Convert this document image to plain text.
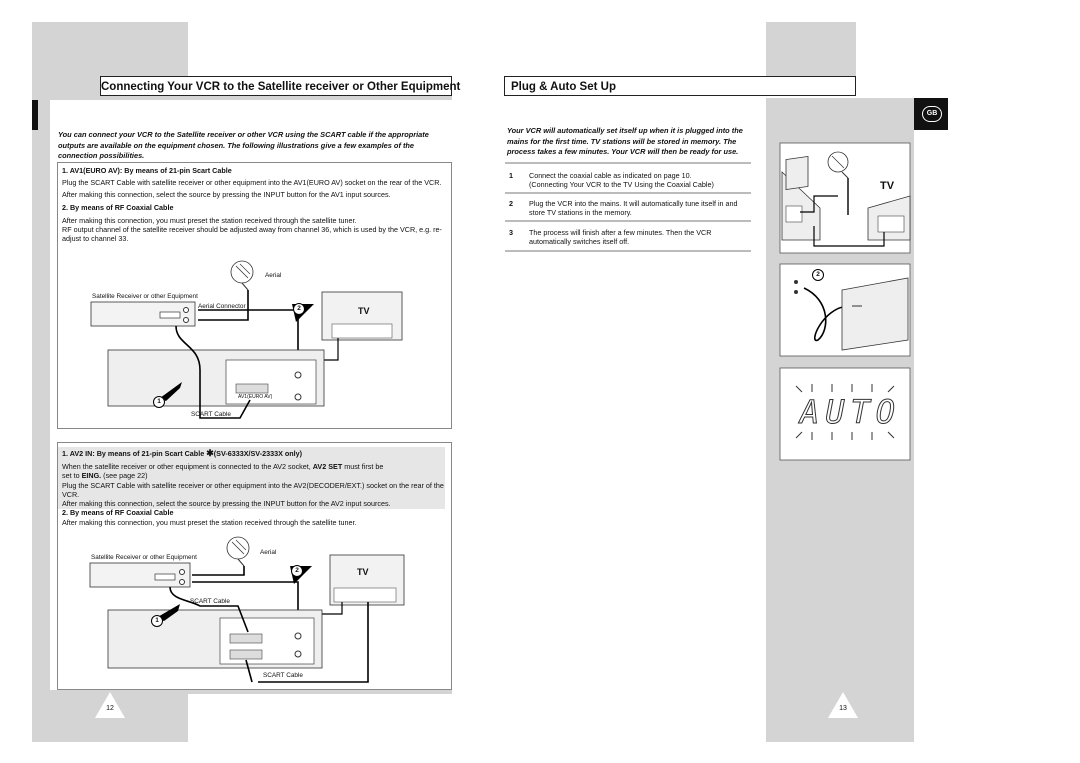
Connecting Your VCR to the Satellite receiver or Other Equipment
You can connect your VCR to the Satellite receiver or other VCR using the SCART cable if the appropriate outputs are available on the equipment chosen. The following illustrations give a few examples of the connection possibilities.

1. AV1(EURO AV): By means of 21-pin Scart Cable

Plug the SCART Cable with satellite receiver or other equipment into the AV1(EURO AV) socket on the rear of the VCR.

After making this connection, select the source by pressing the INPUT button for the AV1 input sources.

2. By means of RF Coaxial Cable

After making this connection, you must preset the station received through the satellite tuner.

RF output channel of the satellite receiver should be adjusted away from channel 36, which is used by the VCR, e.g. re-adjust to channel 33.

Aerial
Satellite Receiver or other Equipment
Aerial Connector	TV
AV1(EURO AV)
SCART Cable
1
2

1. AV2 IN: By means of 21-pin Scart Cable ✱(SV-6333X/SV-2333X only)

When the satellite receiver or other equipment is connected to the AV2 socket, AV2 SET must first be
set to EING. (see page 22)

Plug the SCART Cable with satellite receiver or other equipment into the AV2(DECODER/EXT.) socket on the rear of the VCR.

After making this connection, select the source by pressing the INPUT button for the AV2 input sources.

2. By means of RF Coaxial Cable

After making this connection, you must preset the station received through the satellite tuner.

Satellite Receiver or other Equipment
Aerial
TV
SCART Cable
SCART Cable
1
2
12
GB
Plug & Auto Set Up
Your VCR will automatically set itself up when it is plugged into the mains for the first time. TV stations will be stored in memory. The process takes a few minutes. Your VCR will then be ready for use.
1 Connect the coaxial cable as indicated on page 10.
(Connecting Your VCR to the TV Using the Coaxial Cable)
2 Plug the VCR into the mains. It will automatically tune itself in and store TV stations in the memory.
3 The process will finish after a few minutes. Then the VCR automatically switches itself off.
TV
2
AUTO
13
